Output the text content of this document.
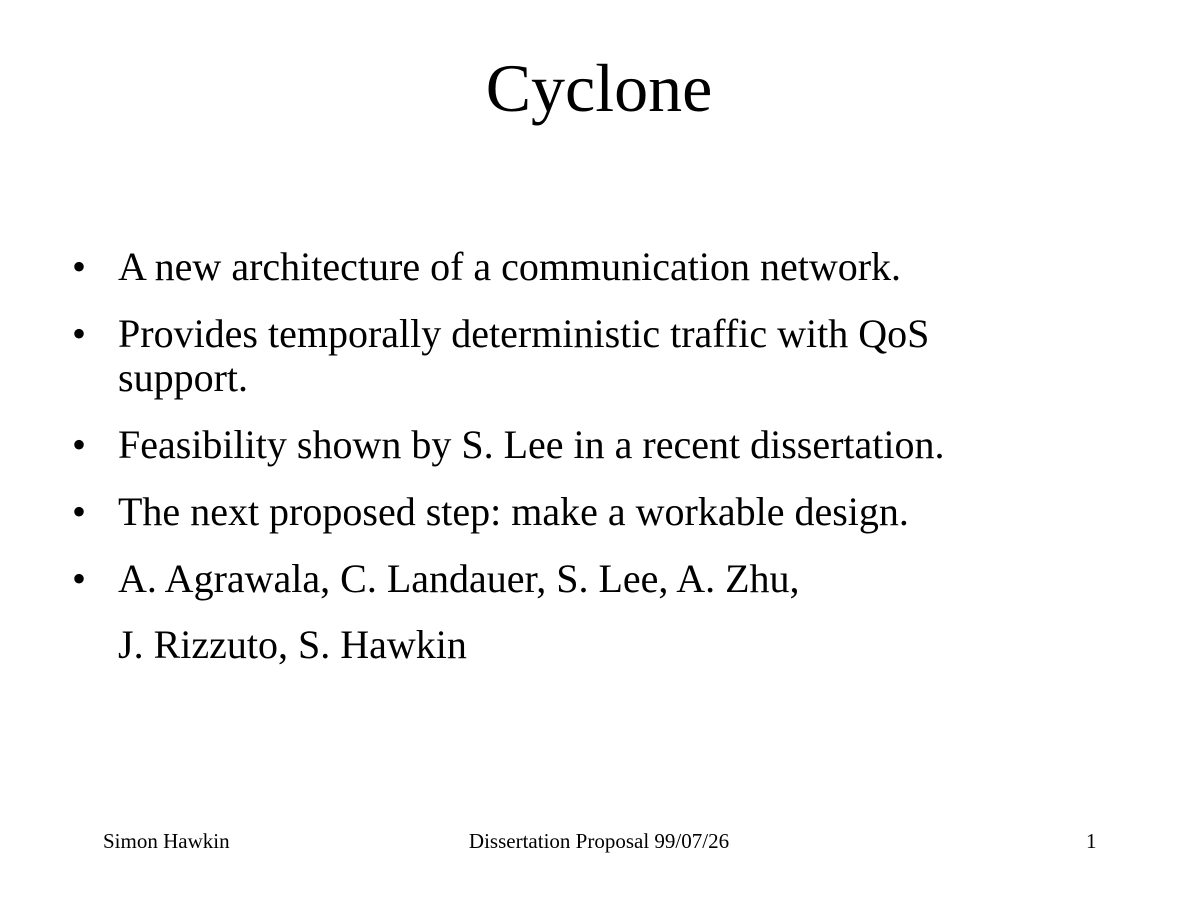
Cyclone
• A new architecture of a communication network.
• Provides temporally deterministic traffic with QoS
support.
• Feasibility shown by S. Lee in a recent dissertation.
• The next proposed step: make a workable design.
• A. Agrawala, C. Landauer, S. Lee, A. Zhu,
J. Rizzuto, S. Hawkin
Simon Hawkin	Dissertation Proposal 99/07/26	1
